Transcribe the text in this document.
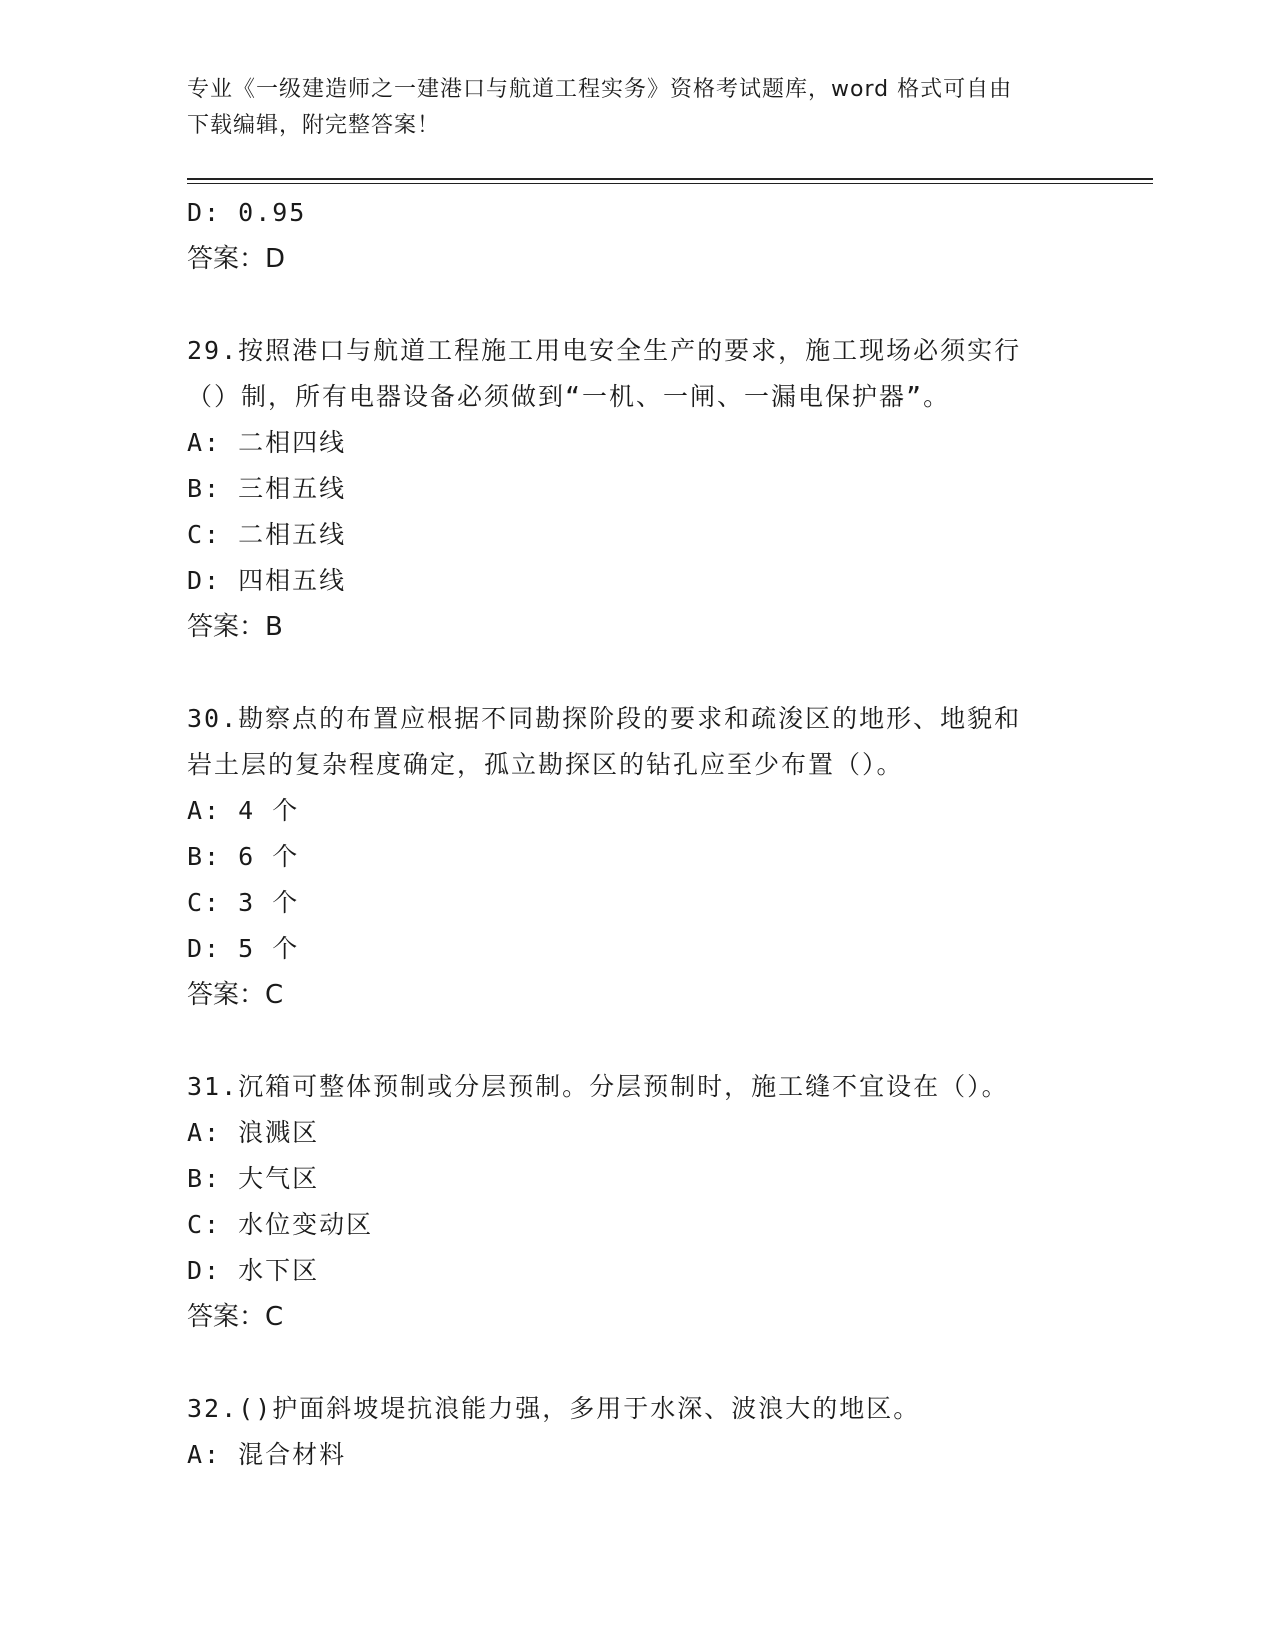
专业《一级建造师之一建港口与航道工程实务》资格考试题库，word 格式可自由
下载编辑，附完整答案！
D: 0.95
答案：D
29.按照港口与航道工程施工用电安全生产的要求，施工现场必须实行
（）制，所有电器设备必须做到“一机、一闸、一漏电保护器”。
A: 二相四线
B: 三相五线
C: 二相五线
D: 四相五线
答案：B
30.勘察点的布置应根据不同勘探阶段的要求和疏浚区的地形、地貌和
岩土层的复杂程度确定，孤立勘探区的钻孔应至少布置（）。
A: 4 个
B: 6 个
C: 3 个
D: 5 个
答案：C
31.沉箱可整体预制或分层预制。分层预制时，施工缝不宜设在（）。
A: 浪溅区
B: 大气区
C: 水位变动区
D: 水下区
答案：C
32.()护面斜坡堤抗浪能力强，多用于水深、波浪大的地区。
A: 混合材料
